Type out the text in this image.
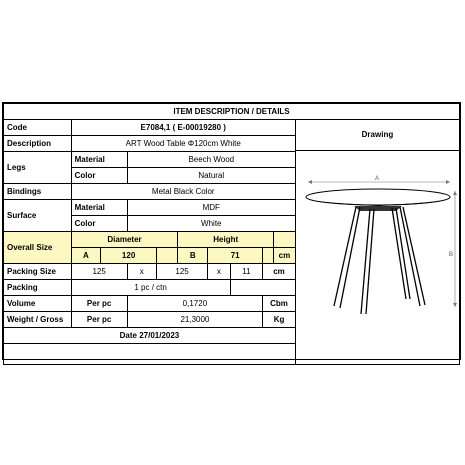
ITEM DESCRIPTION / DETAILS										
Code	E7084,1 ( E-00019280 )									Drawing
A
B

Description	ART Wood Table Φ120cm White									
Legs	Material		Beech Wood							
	Color		Natural							
Bindings	Metal Black Color									
Surface	Material		MDF							
	Color		White							
Overall Size	Diameter				Height					
	A	120			B	71			cm	
Packing Size	125		x	125		x	11	cm		
Packing	1 pc / ctn									
Volume	Per pc		0,1720					Cbm		
Weight / Gross	Per pc		21,3000					Kg		
Date 27/01/2023										
